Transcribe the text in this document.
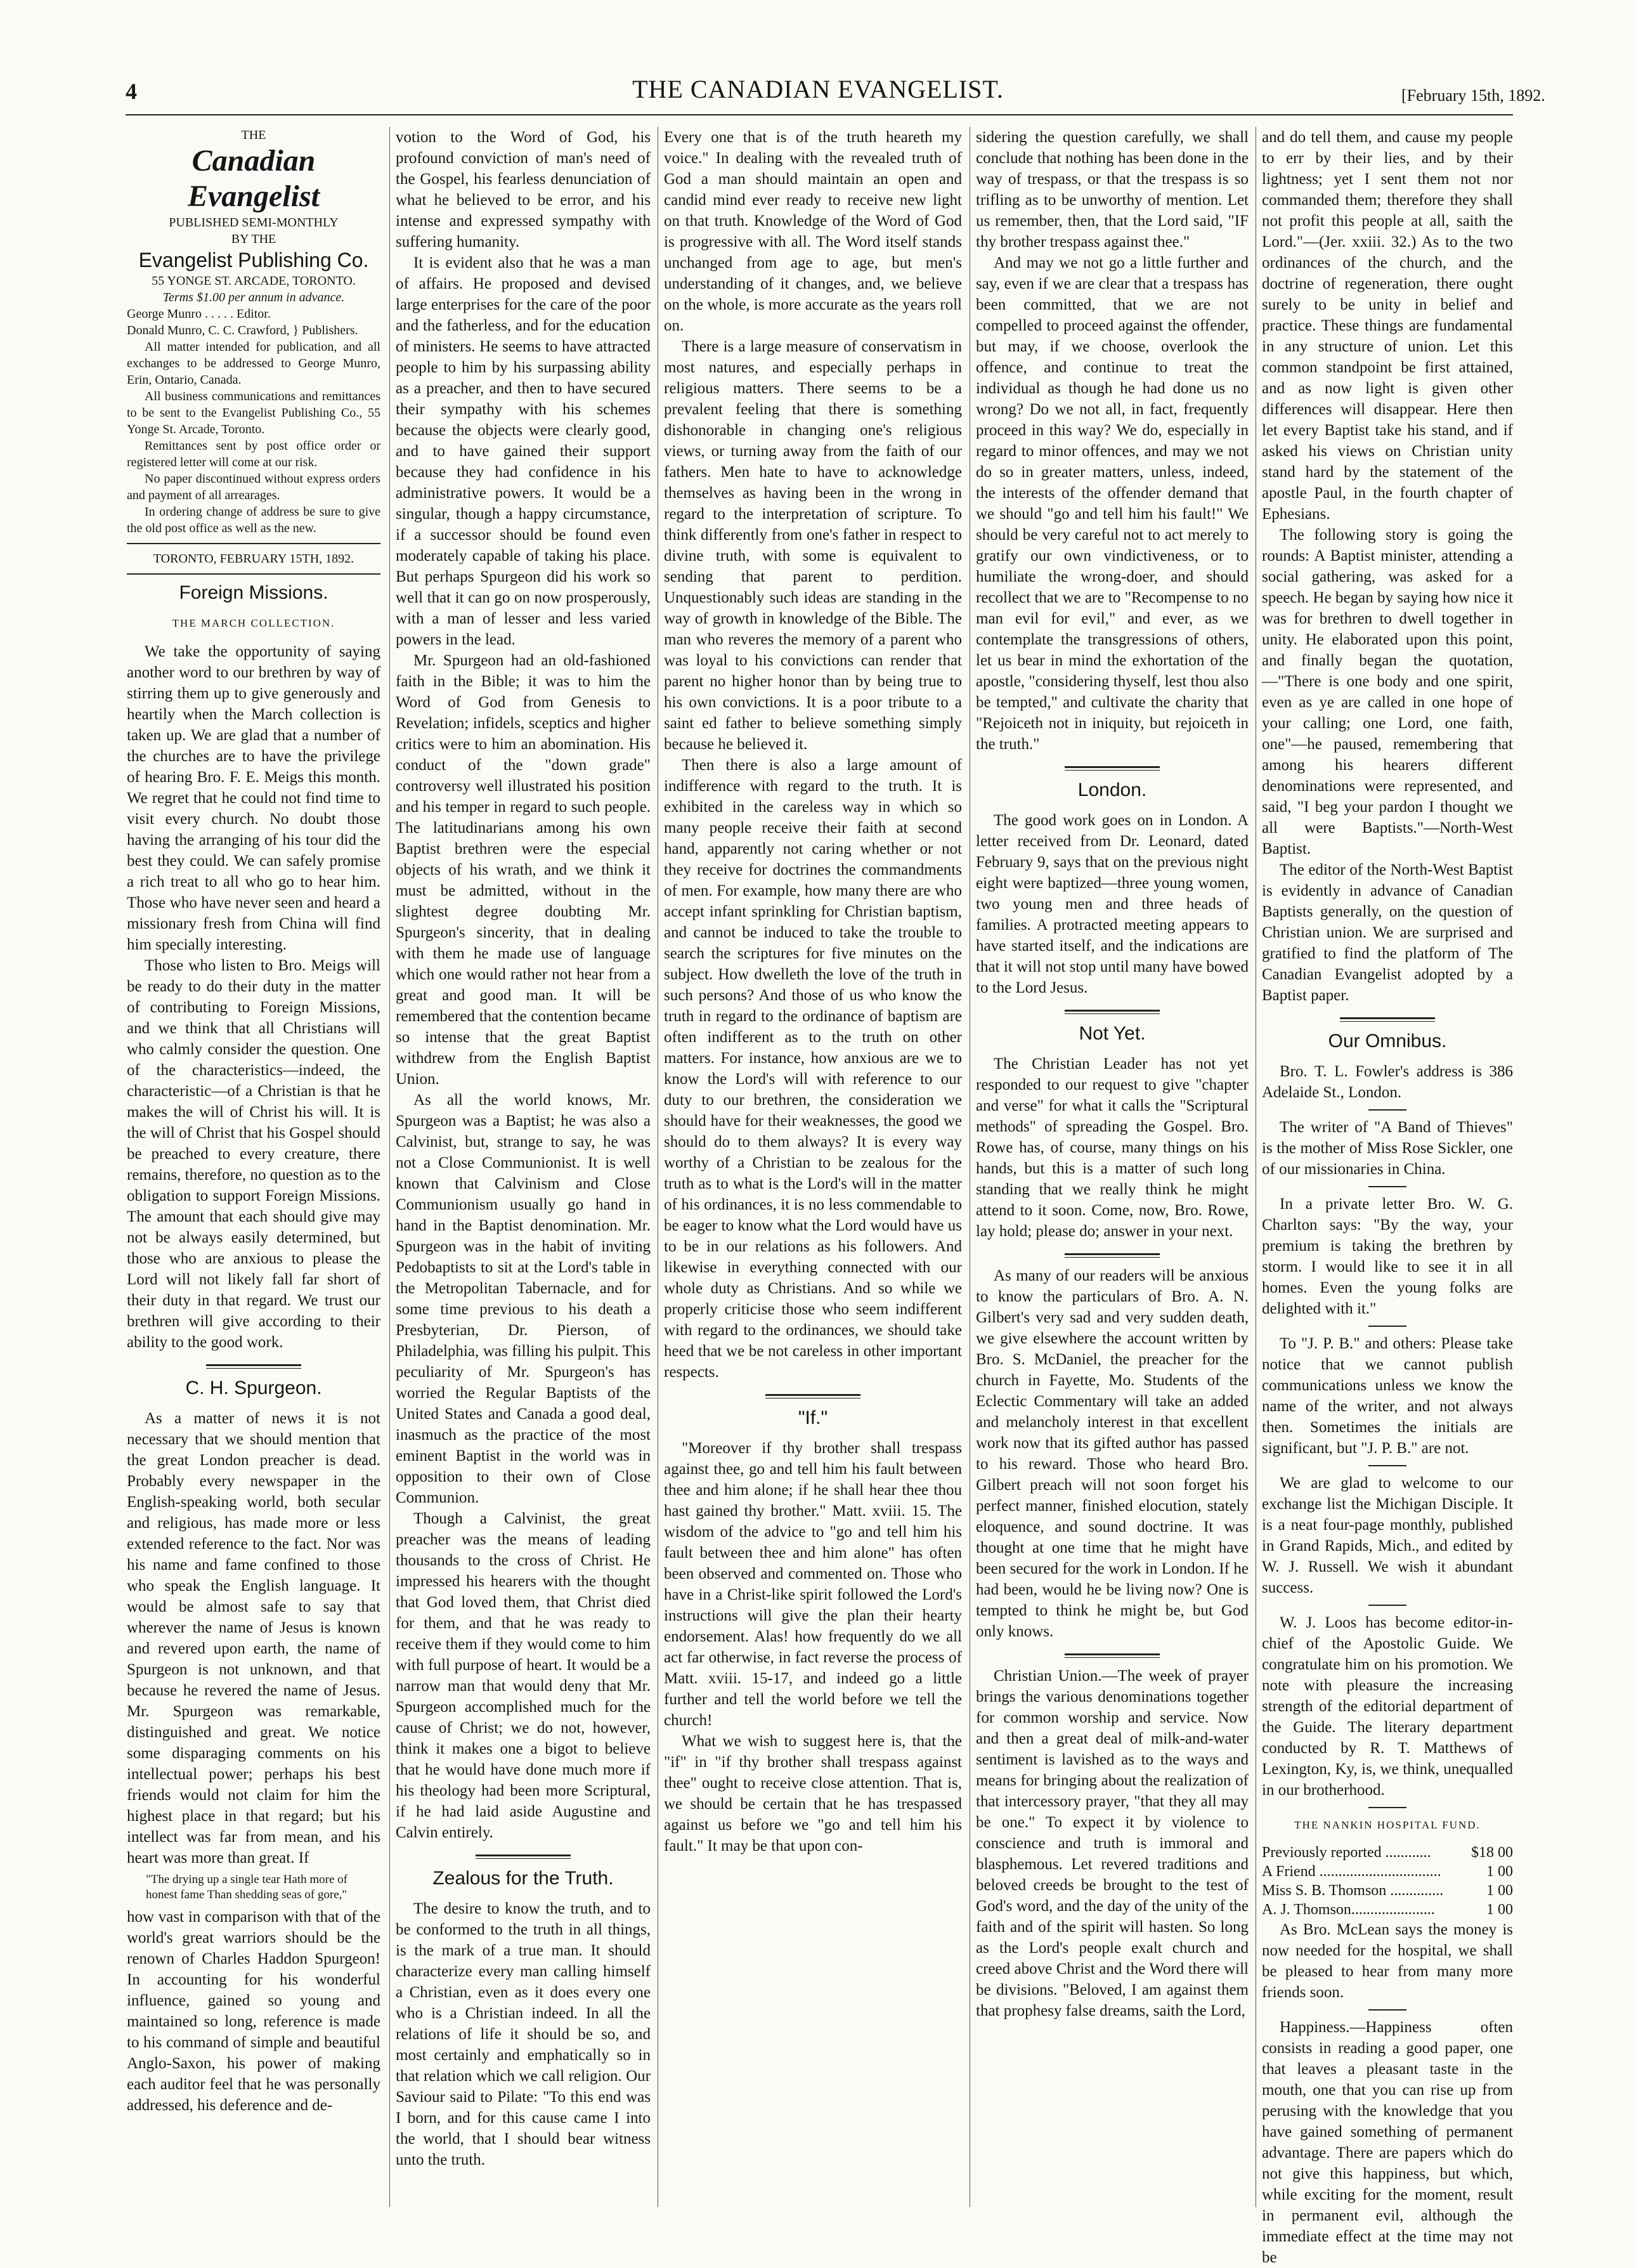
4	THE CANADIAN EVANGELIST.	[February 15th, 1892.

THE

Canadian Evangelist

PUBLISHED SEMI-MONTHLY

BY THE

Evangelist Publishing Co.

55 YONGE ST. ARCADE, TORONTO.

Terms $1.00 per annum in advance.

George Munro . . . . . Editor.

Donald Munro, C. C. Crawford, } Publishers.

All matter intended for publication, and all exchanges to be addressed to George Munro, Erin, Ontario, Canada.

All business communications and remittances to be sent to the Evangelist Publishing Co., 55 Yonge St. Arcade, Toronto.

Remittances sent by post office order or registered letter will come at our risk.

No paper discontinued without express orders and payment of all arrearages.

In ordering change of address be sure to give the old post office as well as the new.

TORONTO, FEBRUARY 15TH, 1892.

Foreign Missions.

THE MARCH COLLECTION.

We take the opportunity of saying another word to our brethren by way of stirring them up to give generously and heartily when the March collection is taken up. We are glad that a number of the churches are to have the privilege of hearing Bro. F. E. Meigs this month. We regret that he could not find time to visit every church. No doubt those having the arranging of his tour did the best they could. We can safely promise a rich treat to all who go to hear him. Those who have never seen and heard a missionary fresh from China will find him specially interesting.

Those who listen to Bro. Meigs will be ready to do their duty in the matter of contributing to Foreign Missions, and we think that all Christians will who calmly consider the question. One of the characteristics—indeed, the characteristic—of a Christian is that he makes the will of Christ his will. It is the will of Christ that his Gospel should be preached to every creature, there remains, therefore, no question as to the obligation to support Foreign Missions. The amount that each should give may not be always easily determined, but those who are anxious to please the Lord will not likely fall far short of their duty in that regard. We trust our brethren will give according to their ability to the good work.

C. H. Spurgeon.

As a matter of news it is not necessary that we should mention that the great London preacher is dead. Probably every newspaper in the English-speaking world, both secular and religious, has made more or less extended reference to the fact. Nor was his name and fame confined to those who speak the English language. It would be almost safe to say that wherever the name of Jesus is known and revered upon earth, the name of Spurgeon is not unknown, and that because he revered the name of Jesus. Mr. Spurgeon was remarkable, distinguished and great. We notice some disparaging comments on his intellectual power; perhaps his best friends would not claim for him the highest place in that regard; but his intellect was far from mean, and his heart was more than great. If

"The drying up a single tear Hath more of honest fame Than shedding seas of gore,"

how vast in comparison with that of the world's great warriors should be the renown of Charles Haddon Spurgeon! In accounting for his wonderful influence, gained so young and maintained so long, reference is made to his command of simple and beautiful Anglo-Saxon, his power of making each auditor feel that he was personally addressed, his deference and de-

votion to the Word of God, his profound conviction of man's need of the Gospel, his fearless denunciation of what he believed to be error, and his intense and expressed sympathy with suffering humanity.

It is evident also that he was a man of affairs. He proposed and devised large enterprises for the care of the poor and the fatherless, and for the education of ministers. He seems to have attracted people to him by his surpassing ability as a preacher, and then to have secured their sympathy with his schemes because the objects were clearly good, and to have gained their support because they had confidence in his administrative powers. It would be a singular, though a happy circumstance, if a successor should be found even moderately capable of taking his place. But perhaps Spurgeon did his work so well that it can go on now prosperously, with a man of lesser and less varied powers in the lead.

Mr. Spurgeon had an old-fashioned faith in the Bible; it was to him the Word of God from Genesis to Revelation; infidels, sceptics and higher critics were to him an abomination. His conduct of the "down grade" controversy well illustrated his position and his temper in regard to such people. The latitudinarians among his own Baptist brethren were the especial objects of his wrath, and we think it must be admitted, without in the slightest degree doubting Mr. Spurgeon's sincerity, that in dealing with them he made use of language which one would rather not hear from a great and good man. It will be remembered that the contention became so intense that the great Baptist withdrew from the English Baptist Union.

As all the world knows, Mr. Spurgeon was a Baptist; he was also a Calvinist, but, strange to say, he was not a Close Communionist. It is well known that Calvinism and Close Communionism usually go hand in hand in the Baptist denomination. Mr. Spurgeon was in the habit of inviting Pedobaptists to sit at the Lord's table in the Metropolitan Tabernacle, and for some time previous to his death a Presbyterian, Dr. Pierson, of Philadelphia, was filling his pulpit. This peculiarity of Mr. Spurgeon's has worried the Regular Baptists of the United States and Canada a good deal, inasmuch as the practice of the most eminent Baptist in the world was in opposition to their own of Close Communion.

Though a Calvinist, the great preacher was the means of leading thousands to the cross of Christ. He impressed his hearers with the thought that God loved them, that Christ died for them, and that he was ready to receive them if they would come to him with full purpose of heart. It would be a narrow man that would deny that Mr. Spurgeon accomplished much for the cause of Christ; we do not, however, think it makes one a bigot to believe that he would have done much more if his theology had been more Scriptural, if he had laid aside Augustine and Calvin entirely.

Zealous for the Truth.

The desire to know the truth, and to be conformed to the truth in all things, is the mark of a true man. It should characterize every man calling himself a Christian, even as it does every one who is a Christian indeed. In all the relations of life it should be so, and most certainly and emphatically so in that relation which we call religion. Our Saviour said to Pilate: "To this end was I born, and for this cause came I into the world, that I should bear witness unto the truth.

Every one that is of the truth heareth my voice." In dealing with the revealed truth of God a man should maintain an open and candid mind ever ready to receive new light on that truth. Knowledge of the Word of God is progressive with all. The Word itself stands unchanged from age to age, but men's understanding of it changes, and, we believe on the whole, is more accurate as the years roll on.

There is a large measure of conservatism in most natures, and especially perhaps in religious matters. There seems to be a prevalent feeling that there is something dishonorable in changing one's religious views, or turning away from the faith of our fathers. Men hate to have to acknowledge themselves as having been in the wrong in regard to the interpretation of scripture. To think differently from one's father in respect to divine truth, with some is equivalent to sending that parent to perdition. Unquestionably such ideas are standing in the way of growth in knowledge of the Bible. The man who reveres the memory of a parent who was loyal to his convictions can render that parent no higher honor than by being true to his own convictions. It is a poor tribute to a saint ed father to believe something simply because he believed it.

Then there is also a large amount of indifference with regard to the truth. It is exhibited in the careless way in which so many people receive their faith at second hand, apparently not caring whether or not they receive for doctrines the commandments of men. For example, how many there are who accept infant sprinkling for Christian baptism, and cannot be induced to take the trouble to search the scriptures for five minutes on the subject. How dwelleth the love of the truth in such persons? And those of us who know the truth in regard to the ordinance of baptism are often indifferent as to the truth on other matters. For instance, how anxious are we to know the Lord's will with reference to our duty to our brethren, the consideration we should have for their weaknesses, the good we should do to them always? It is every way worthy of a Christian to be zealous for the truth as to what is the Lord's will in the matter of his ordinances, it is no less commendable to be eager to know what the Lord would have us to be in our relations as his followers. And likewise in everything connected with our whole duty as Christians. And so while we properly criticise those who seem indifferent with regard to the ordinances, we should take heed that we be not careless in other important respects.

"If."

"Moreover if thy brother shall trespass against thee, go and tell him his fault between thee and him alone; if he shall hear thee thou hast gained thy brother." Matt. xviii. 15. The wisdom of the advice to "go and tell him his fault between thee and him alone" has often been observed and commented on. Those who have in a Christ-like spirit followed the Lord's instructions will give the plan their hearty endorsement. Alas! how frequently do we all act far otherwise, in fact reverse the process of Matt. xviii. 15-17, and indeed go a little further and tell the world before we tell the church!

What we wish to suggest here is, that the "if" in "if thy brother shall trespass against thee" ought to receive close attention. That is, we should be certain that he has trespassed against us before we "go and tell him his fault." It may be that upon con-

sidering the question carefully, we shall conclude that nothing has been done in the way of trespass, or that the trespass is so trifling as to be unworthy of mention. Let us remember, then, that the Lord said, "IF thy brother trespass against thee."

And may we not go a little further and say, even if we are clear that a trespass has been committed, that we are not compelled to proceed against the offender, but may, if we choose, overlook the offence, and continue to treat the individual as though he had done us no wrong? Do we not all, in fact, frequently proceed in this way? We do, especially in regard to minor offences, and may we not do so in greater matters, unless, indeed, the interests of the offender demand that we should "go and tell him his fault!" We should be very careful not to act merely to gratify our own vindictiveness, or to humiliate the wrong-doer, and should recollect that we are to "Recompense to no man evil for evil," and ever, as we contemplate the transgressions of others, let us bear in mind the exhortation of the apostle, "considering thyself, lest thou also be tempted," and cultivate the charity that "Rejoiceth not in iniquity, but rejoiceth in the truth."

London.

The good work goes on in London. A letter received from Dr. Leonard, dated February 9, says that on the previous night eight were baptized—three young women, two young men and three heads of families. A protracted meeting appears to have started itself, and the indications are that it will not stop until many have bowed to the Lord Jesus.

Not Yet.

The Christian Leader has not yet responded to our request to give "chapter and verse" for what it calls the "Scriptural methods" of spreading the Gospel. Bro. Rowe has, of course, many things on his hands, but this is a matter of such long standing that we really think he might attend to it soon. Come, now, Bro. Rowe, lay hold; please do; answer in your next.

As many of our readers will be anxious to know the particulars of Bro. A. N. Gilbert's very sad and very sudden death, we give elsewhere the account written by Bro. S. McDaniel, the preacher for the church in Fayette, Mo. Students of the Eclectic Commentary will take an added and melancholy interest in that excellent work now that its gifted author has passed to his reward. Those who heard Bro. Gilbert preach will not soon forget his perfect manner, finished elocution, stately eloquence, and sound doctrine. It was thought at one time that he might have been secured for the work in London. If he had been, would he be living now? One is tempted to think he might be, but God only knows.

Christian Union.—The week of prayer brings the various denominations together for common worship and service. Now and then a great deal of milk-and-water sentiment is lavished as to the ways and means for bringing about the realization of that intercessory prayer, "that they all may be one." To expect it by violence to conscience and truth is immoral and blasphemous. Let revered traditions and beloved creeds be brought to the test of God's word, and the day of the unity of the faith and of the spirit will hasten. So long as the Lord's people exalt church and creed above Christ and the Word there will be divisions. "Beloved, I am against them that prophesy false dreams, saith the Lord,

and do tell them, and cause my people to err by their lies, and by their lightness; yet I sent them not nor commanded them; therefore they shall not profit this people at all, saith the Lord."—(Jer. xxiii. 32.) As to the two ordinances of the church, and the doctrine of regeneration, there ought surely to be unity in belief and practice. These things are fundamental in any structure of union. Let this common standpoint be first attained, and as now light is given other differences will disappear. Here then let every Baptist take his stand, and if asked his views on Christian unity stand hard by the statement of the apostle Paul, in the fourth chapter of Ephesians.

The following story is going the rounds: A Baptist minister, attending a social gathering, was asked for a speech. He began by saying how nice it was for brethren to dwell together in unity. He elaborated upon this point, and finally began the quotation,—"There is one body and one spirit, even as ye are called in one hope of your calling; one Lord, one faith, one"—he paused, remembering that among his hearers different denominations were represented, and said, "I beg your pardon I thought we all were Baptists."—North-West Baptist.

The editor of the North-West Baptist is evidently in advance of Canadian Baptists generally, on the question of Christian union. We are surprised and gratified to find the platform of The Canadian Evangelist adopted by a Baptist paper.

Our Omnibus.

Bro. T. L. Fowler's address is 386 Adelaide St., London.

The writer of "A Band of Thieves" is the mother of Miss Rose Sickler, one of our missionaries in China.

In a private letter Bro. W. G. Charlton says: "By the way, your premium is taking the brethren by storm. I would like to see it in all homes. Even the young folks are delighted with it."

To "J. P. B." and others: Please take notice that we cannot publish communications unless we know the name of the writer, and not always then. Sometimes the initials are significant, but "J. P. B." are not.

We are glad to welcome to our exchange list the Michigan Disciple. It is a neat four-page monthly, published in Grand Rapids, Mich., and edited by W. J. Russell. We wish it abundant success.

W. J. Loos has become editor-in-chief of the Apostolic Guide. We congratulate him on his promotion. We note with pleasure the increasing strength of the editorial department of the Guide. The literary department conducted by R. T. Matthews of Lexington, Ky, is, we think, unequalled in our brotherhood.

THE NANKIN HOSPITAL FUND.

Previously reported ............	$18 00
A Friend ................................	1 00
Miss S. B. Thomson ..............	1 00
A. J. Thomson......................	1 00

As Bro. McLean says the money is now needed for the hospital, we shall be pleased to hear from many more friends soon.

Happiness.—Happiness often consists in reading a good paper, one that leaves a pleasant taste in the mouth, one that you can rise up from perusing with the knowledge that you have gained something of permanent advantage. There are papers which do not give this happiness, but which, while exciting for the moment, result in permanent evil, although the immediate effect at the time may not be
